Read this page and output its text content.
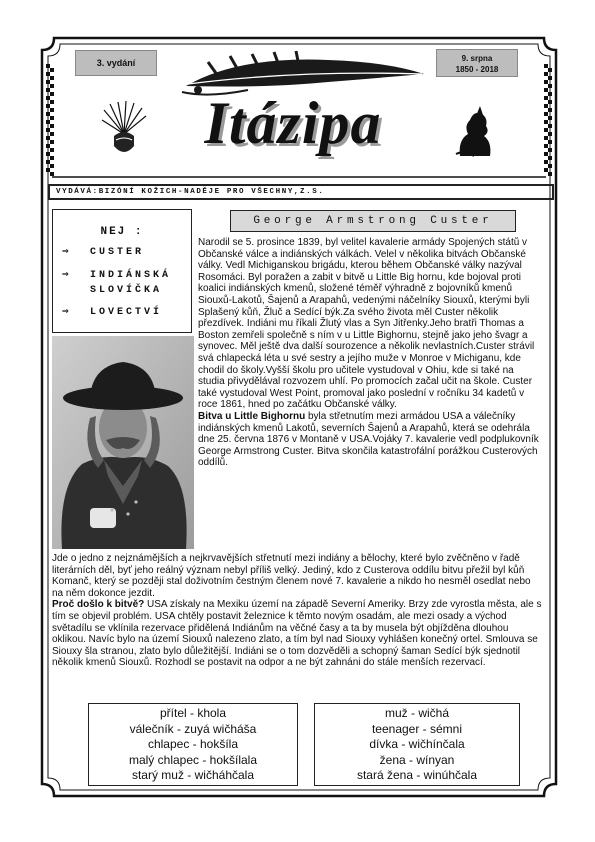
3. vydání	9. srpna
1850 - 2018
Itázipa
VYDÁVÁ:BIZÓNÍ KOŽICH-NADĚJE PRO VŠECHNY,Z.S.
NEJ :
⇒ CUSTER
⇒ INDIÁNSKÁ SLOVÍČKA
⇒ LOVECTVÍ
George Armstrong Custer
Narodil se 5. prosince 1839, byl velitel kavalerie armády Spojených států v Občanské válce a indiánských válkách. Velel v několika bitvách Občanské války. Vedl Michiganskou brigádu, kterou během Občanské války nazýval Rosomáci. Byl poražen a zabit v bitvě u Little Big hornu, kde bojoval proti koalici indiánských kmenů, složené téměř výhradně z bojovníků kmenů Siouxů-Lakotů, Šajenů a Arapahů, vedenými náčelníky Siouxů, kterými byli Splašený kůň, Žluč a Sedící býk.Za svého života měl Custer několik přezdívek. Indiáni mu říkali Žlutý vlas a Syn Jitřenky.Jeho bratři Thomas a Boston zemřeli společně s ním v u Little Bighornu, stejně jako jeho švagr a synovec. Měl ještě dva další sourozence a několik nevlastních.Custer strávil svá chlapecká léta u své sestry a jejího muže v Monroe v Michiganu, kde chodil do školy.Vyšší školu pro učitele vystudoval v Ohiu, kde si také na studia přivydělával rozvozem uhlí. Po promocích začal učit na škole. Custer také vystudoval West Point, promoval jako poslední v ročníku 34 kadetů v roce 1861, hned po začátku Občanské války.
Bitva u Little Bighornu byla střetnutím mezi armádou USA a válečníky indiánských kmenů Lakotů, severních Šajenů a Arapahů, která se odehrála dne 25. června 1876 v Montaně v USA.Vojáky 7. kavalerie vedl podplukovník George Armstrong Custer. Bitva skončila katastrofální porážkou Custerových oddílů.
Jde o jedno z nejznámějších a nejkrvavějších střetnutí mezi indiány a bělochy, které bylo zvěčněno v řadě literárních děl, byť jeho reálný význam nebyl příliš velký. Jediný, kdo z Custerova oddílu bitvu přežil byl kůň Komanč, který se později stal doživotním čestným členem nové 7. kavalerie a nikdo ho nesměl osedlat nebo na něm dokonce jezdit.
Proč došlo k bitvě? USA získaly na Mexiku území na západě Severní Ameriky. Brzy zde vyrostla města, ale s tím se objevil problém. USA chtěly postavit železnice k těmto novým osadám, ale mezi osady a východ světadílu se vklínila rezervace přidělená Indiánům na věčné časy a ta by musela být objížděna dlouhou oklikou. Navíc bylo na území Siouxů nalezeno zlato, a tím byl nad Siouxy vyhlášen konečný ortel. Smlouva se Siouxy šla stranou, zlato bylo důležitější. Indiáni se o tom dozvěděli a schopný šaman Sedící býk sjednotil několik kmenů Siouxů. Rozhodl se postavit na odpor a ne být zahnáni do stále menších rezervací.
přítel - khola
válečník - zuyá wičháša
chlapec - hokšíla
malý chlapec - hokšílala
starý muž - wičháhčala
muž - wičhá
teenager - sémni
dívka - wičhínčala
žena - wínyan
stará žena - winúhčala
